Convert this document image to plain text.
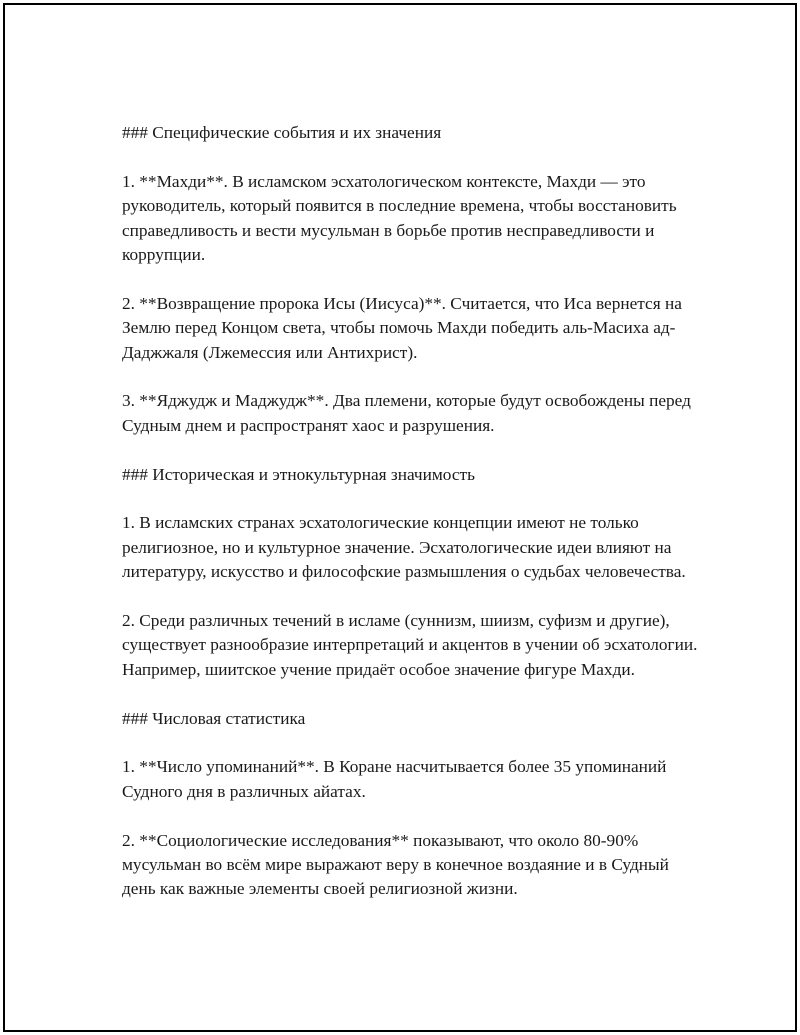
### Специфические события и их значения

1. **Махди**. В исламском эсхатологическом контексте, Махди — это руководитель, который появится в последние времена, чтобы восстановить справедливость и вести мусульман в борьбе против несправедливости и коррупции.

2. **Возвращение пророка Исы (Иисуса)**. Считается, что Иса вернется на Землю перед Концом света, чтобы помочь Махди победить аль-Масиха ад-Даджжаля (Лжемессия или Антихрист).

3. **Яджудж и Маджудж**. Два племени, которые будут освобождены перед Судным днем и распространят хаос и разрушения.

### Историческая и этнокультурная значимость

1. В исламских странах эсхатологические концепции имеют не только религиозное, но и культурное значение. Эсхатологические идеи влияют на литературу, искусство и философские размышления о судьбах человечества.

2. Среди различных течений в исламе (суннизм, шиизм, суфизм и другие), существует разнообразие интерпретаций и акцентов в учении об эсхатологии. Например, шиитское учение придаёт особое значение фигуре Махди.

### Числовая статистика

1. **Число упоминаний**. В Коране насчитывается более 35 упоминаний Судного дня в различных айатах.

2. **Социологические исследования** показывают, что около 80-90% мусульман во всём мире выражают веру в конечное воздаяние и в Судный день как важные элементы своей религиозной жизни.
